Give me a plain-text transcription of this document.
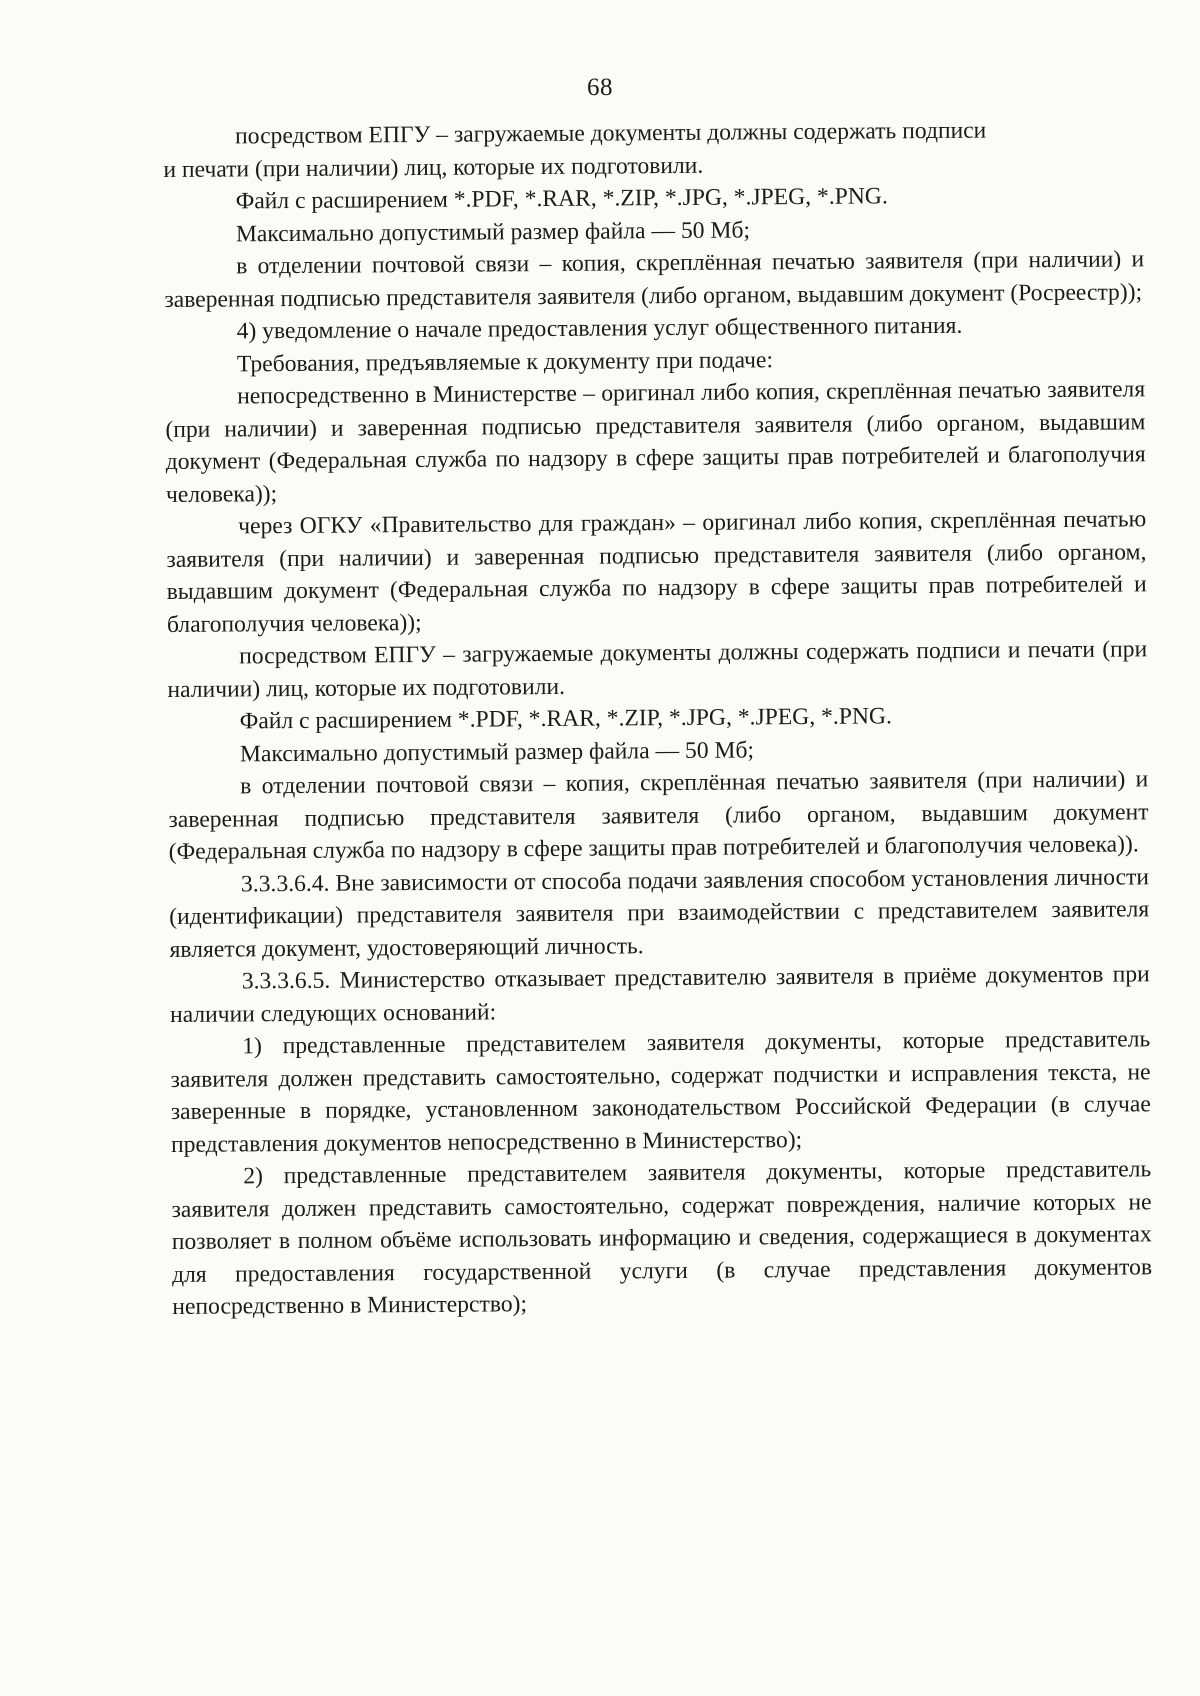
68

посредством ЕПГУ – загружаемые документы должны содержать подписи

и печати (при наличии) лиц, которые их подготовили.

Файл с расширением *.PDF, *.RAR, *.ZIP, *.JPG, *.JPEG, *.PNG.

Максимально допустимый размер файла — 50 Мб;

в отделении почтовой связи – копия, скреплённая печатью заявителя (при наличии) и заверенная подписью представителя заявителя (либо органом, выдавшим документ (Росреестр));

4) уведомление о начале предоставления услуг общественного питания.

Требования, предъявляемые к документу при подаче:

непосредственно в Министерстве – оригинал либо копия, скреплённая печатью заявителя (при наличии) и заверенная подписью представителя заявителя (либо органом, выдавшим документ (Федеральная служба по надзору в сфере защиты прав потребителей и благополучия человека));

через ОГКУ «Правительство для граждан» – оригинал либо копия, скреплённая печатью заявителя (при наличии) и заверенная подписью представителя заявителя (либо органом, выдавшим документ (Федеральная служба по надзору в сфере защиты прав потребителей и благополучия человека));

посредством ЕПГУ – загружаемые документы должны содержать подписи и печати (при наличии) лиц, которые их подготовили.

Файл с расширением *.PDF, *.RAR, *.ZIP, *.JPG, *.JPEG, *.PNG.

Максимально допустимый размер файла — 50 Мб;

в отделении почтовой связи – копия, скреплённая печатью заявителя (при наличии) и заверенная подписью представителя заявителя (либо органом, выдавшим документ (Федеральная служба по надзору в сфере защиты прав потребителей и благополучия человека)).

3.3.3.6.4. Вне зависимости от способа подачи заявления способом установления личности (идентификации) представителя заявителя при взаимодействии с представителем заявителя является документ, удостоверяющий личность.

3.3.3.6.5. Министерство отказывает представителю заявителя в приёме документов при наличии следующих оснований:

1) представленные представителем заявителя документы, которые представитель заявителя должен представить самостоятельно, содержат подчистки и исправления текста, не заверенные в порядке, установленном законодательством Российской Федерации (в случае представления документов непосредственно в Министерство);

2) представленные представителем заявителя документы, которые представитель заявителя должен представить самостоятельно, содержат повреждения, наличие которых не позволяет в полном объёме использовать информацию и сведения, содержащиеся в документах для предоставления государственной услуги (в случае представления документов непосредственно в Министерство);
